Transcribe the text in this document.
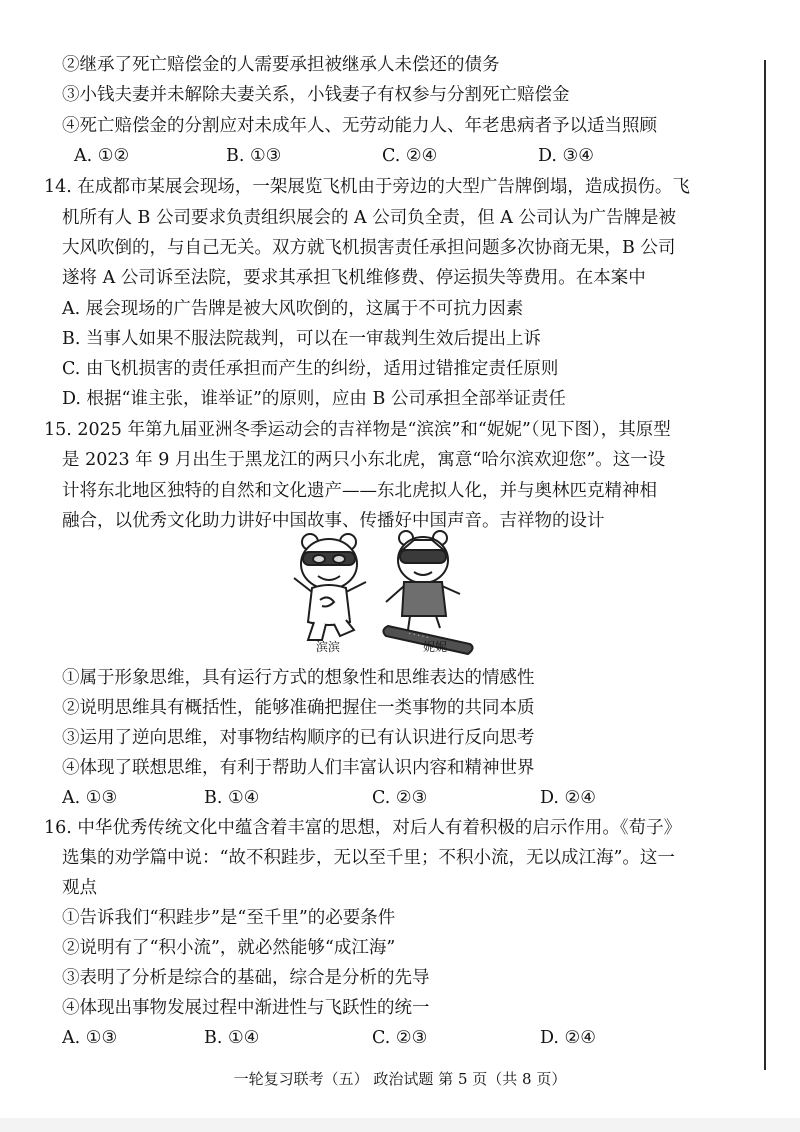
②继承了死亡赔偿金的人需要承担被继承人未偿还的债务
③小钱夫妻并未解除夫妻关系，小钱妻子有权参与分割死亡赔偿金
④死亡赔偿金的分割应对未成年人、无劳动能力人、年老患病者予以适当照顾
A. ①②	B. ①③	C. ②④	D. ③④
14. 在成都市某展会现场，一架展览飞机由于旁边的大型广告牌倒塌，造成损伤。飞
机所有人 B 公司要求负责组织展会的 A 公司负全责，但 A 公司认为广告牌是被
大风吹倒的，与自己无关。双方就飞机损害责任承担问题多次协商无果，B 公司
遂将 A 公司诉至法院，要求其承担飞机维修费、停运损失等费用。在本案中
A. 展会现场的广告牌是被大风吹倒的，这属于不可抗力因素
B. 当事人如果不服法院裁判，可以在一审裁判生效后提出上诉
C. 由飞机损害的责任承担而产生的纠纷，适用过错推定责任原则
D. 根据“谁主张，谁举证”的原则，应由 B 公司承担全部举证责任
15. 2025 年第九届亚洲冬季运动会的吉祥物是“滨滨”和“妮妮”（见下图），其原型
是 2023 年 9 月出生于黑龙江的两只小东北虎，寓意“哈尔滨欢迎您”。这一设
计将东北地区独特的自然和文化遗产——东北虎拟人化，并与奥林匹克精神相
融合，以优秀文化助力讲好中国故事、传播好中国声音。吉祥物的设计
· · · · ·
滨滨	妮妮
①属于形象思维，具有运行方式的想象性和思维表达的情感性
②说明思维具有概括性，能够准确把握住一类事物的共同本质
③运用了逆向思维，对事物结构顺序的已有认识进行反向思考
④体现了联想思维，有利于帮助人们丰富认识内容和精神世界
A. ①③	B. ①④	C. ②③	D. ②④
16. 中华优秀传统文化中蕴含着丰富的思想，对后人有着积极的启示作用。《荀子》
选集的劝学篇中说：“故不积跬步，无以至千里；不积小流，无以成江海”。这一
观点
①告诉我们“积跬步”是“至千里”的必要条件
②说明有了“积小流”，就必然能够“成江海”
③表明了分析是综合的基础，综合是分析的先导
④体现出事物发展过程中渐进性与飞跃性的统一
A. ①③	B. ①④	C. ②③	D. ②④
一轮复习联考（五） 政治试题 第 5 页（共 8 页）
